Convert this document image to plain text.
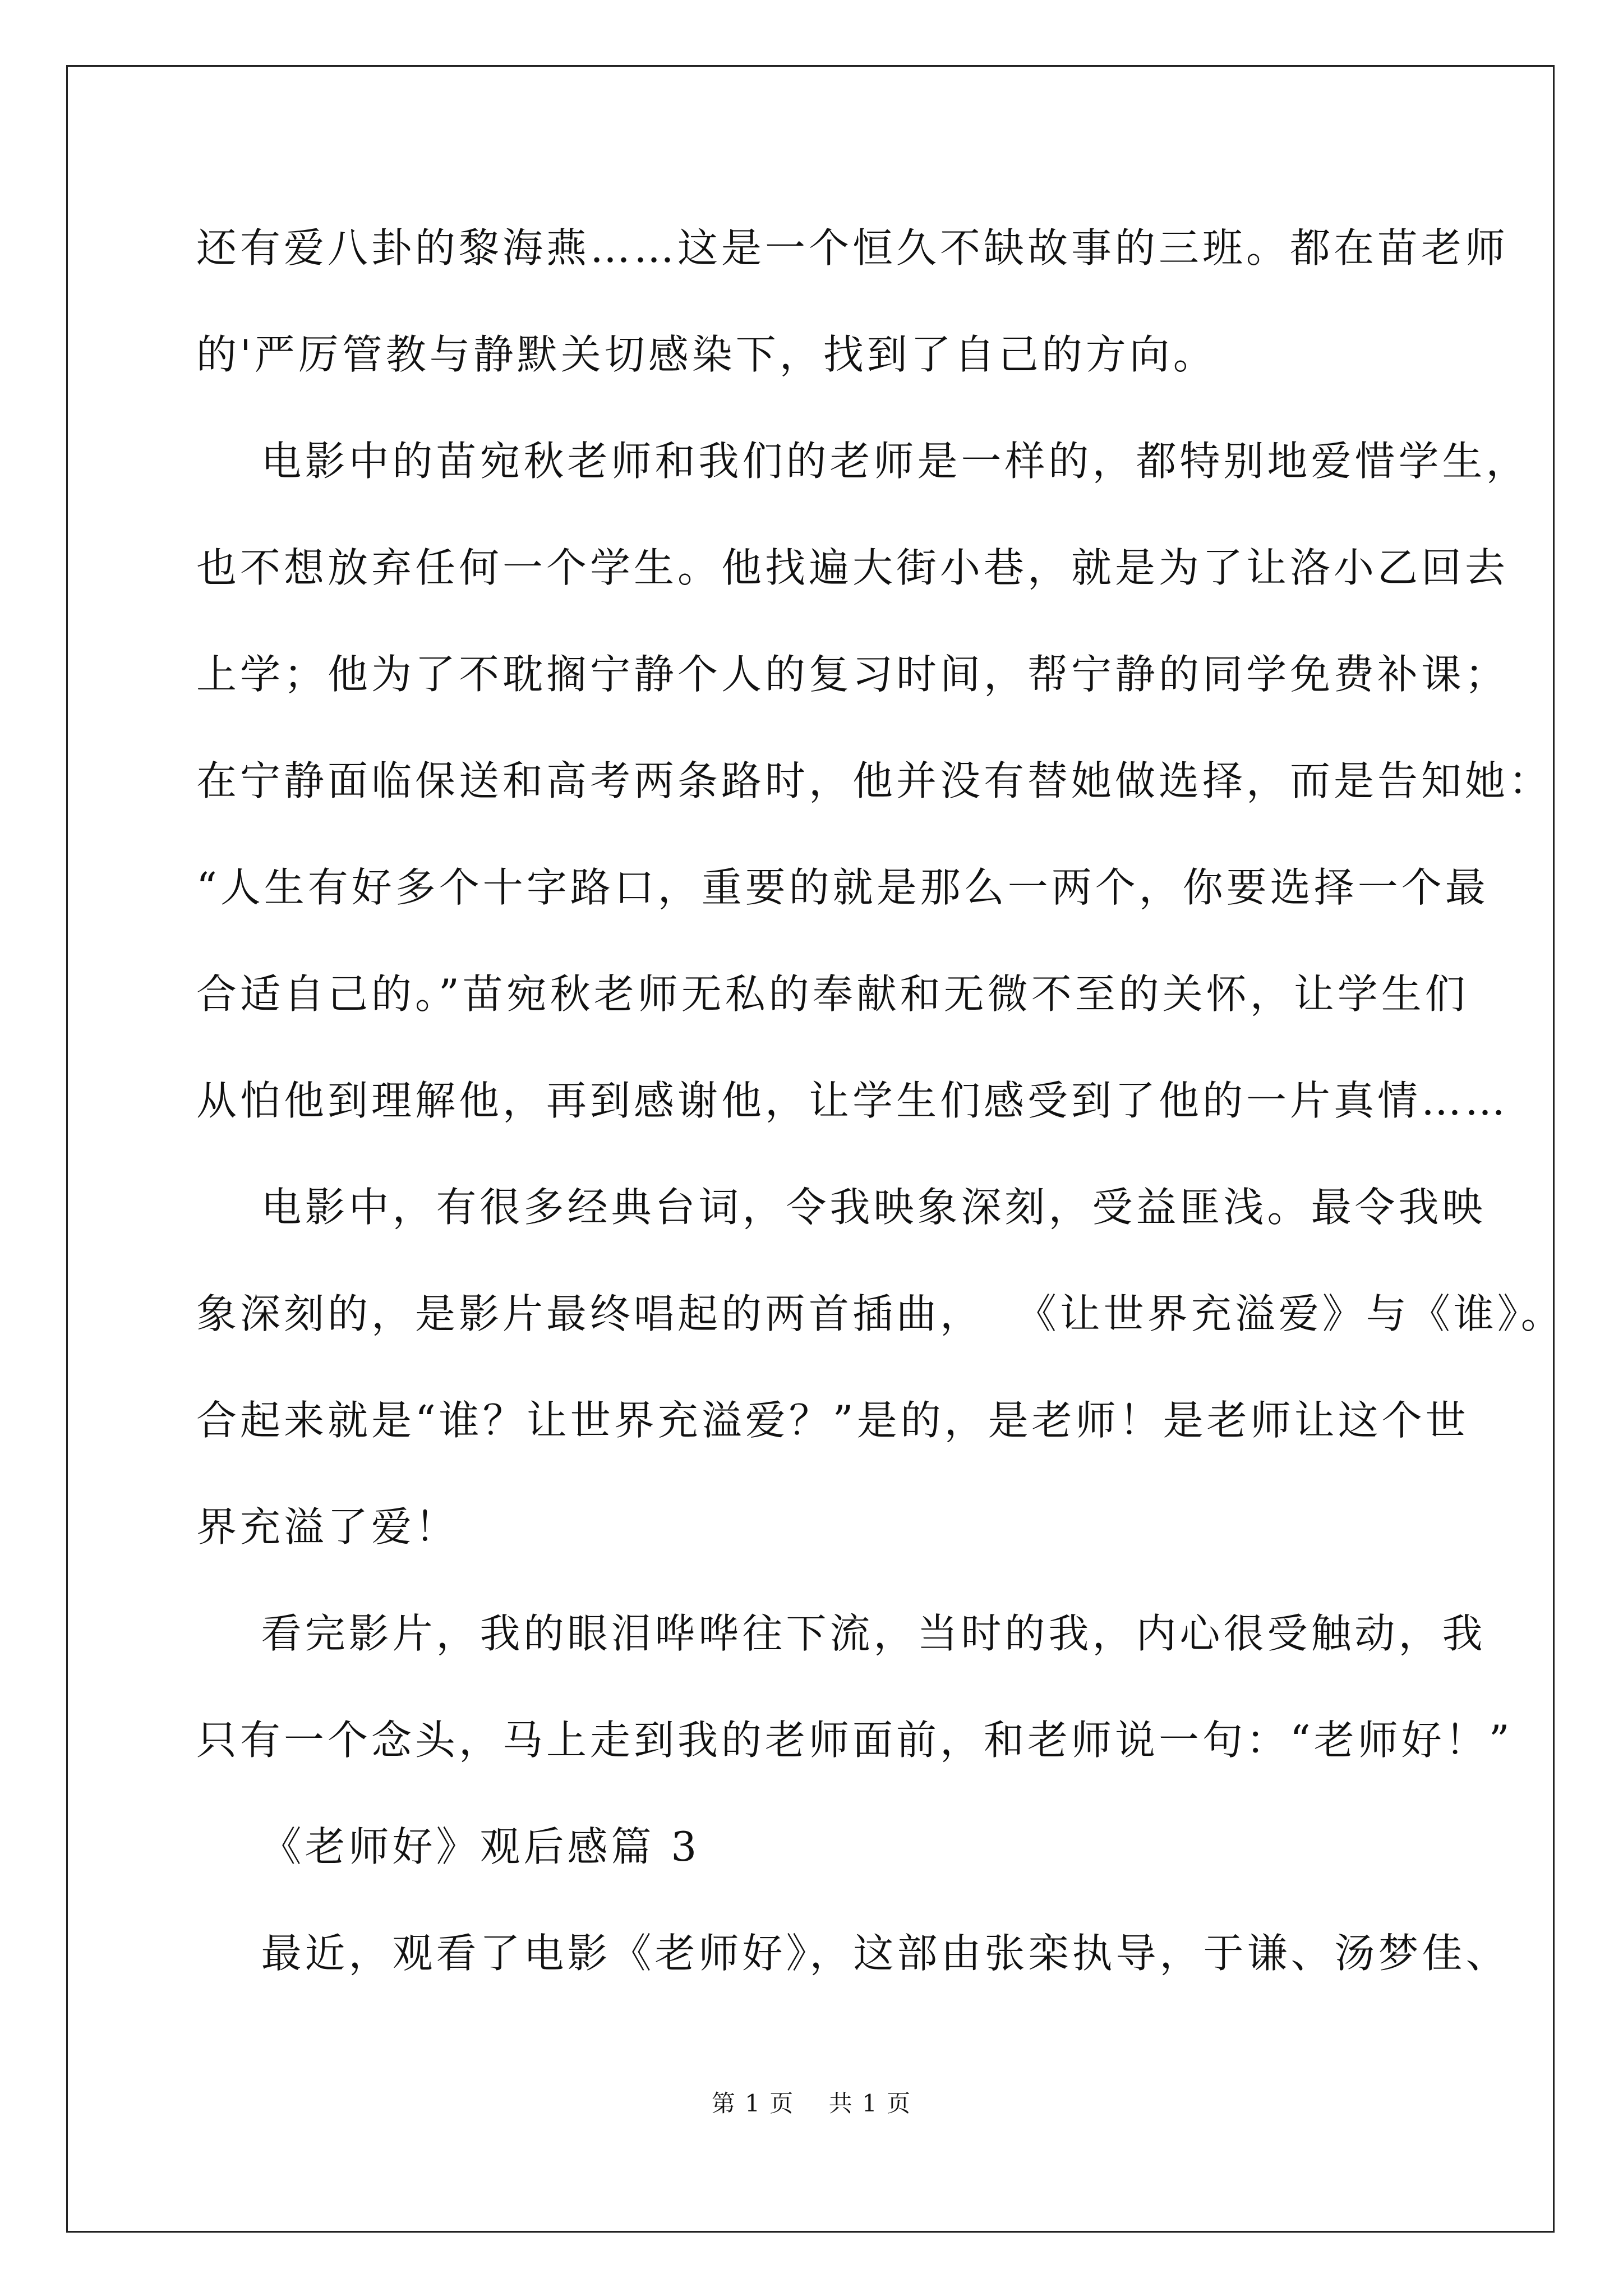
还有爱八卦的黎海燕……这是一个恒久不缺故事的三班。都在苗老师
的'严厉管教与静默关切感染下，找到了自己的方向。
电影中的苗宛秋老师和我们的老师是一样的，都特别地爱惜学生，
也不想放弃任何一个学生。他找遍大街小巷，就是为了让洛小乙回去
上学；他为了不耽搁宁静个人的复习时间，帮宁静的同学免费补课；
在宁静面临保送和高考两条路时，他并没有替她做选择，而是告知她：
“人生有好多个十字路口，重要的就是那么一两个，你要选择一个最
合适自己的。”苗宛秋老师无私的奉献和无微不至的关怀，让学生们
从怕他到理解他，再到感谢他，让学生们感受到了他的一片真情……
电影中，有很多经典台词，令我映象深刻，受益匪浅。最令我映
象深刻的，是影片最终唱起的两首插曲，  《让世界充溢爱》与《谁》。
合起来就是“谁？让世界充溢爱？”是的，是老师！是老师让这个世
界充溢了爱！
看完影片，我的眼泪哗哗往下流，当时的我，内心很受触动，我
只有一个念头，马上走到我的老师面前，和老师说一句：“老师好！”
《老师好》观后感篇 3
最近，观看了电影《老师好》，这部由张栾执导，于谦、汤梦佳、
第 1 页    共 1 页
